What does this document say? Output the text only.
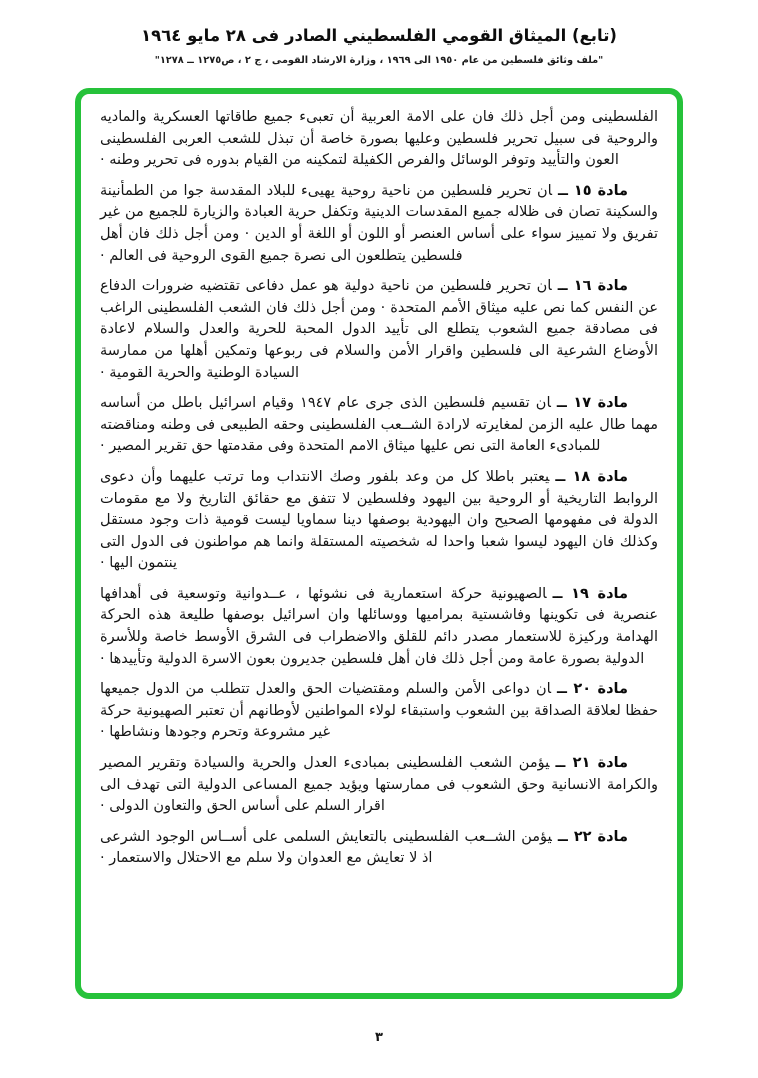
(تابع) الميثاق القومي الفلسطيني الصادر فى ٢٨ مايو ١٩٦٤
"ملف وثائق فلسطين من عام ١٩٥٠ الى ١٩٦٩ ، وزارة الارشاد القومى ، ج ٢ ، ص١٢٧٥ ــ ١٢٧٨"

الفلسطينى ومن أجل ذلك فان على الامة العربية أن تعبىء جميع طاقاتها العسكرية والماديه والروحية فى سبيل تحرير فلسطين وعليها بصورة خاصة أن تبذل للشعب العربى الفلسطينى العون والتأييد وتوفر الوسائل والفرص الكفيلة لتمكينه من القيام بدوره فى تحرير وطنه ·

مادة ١٥ ــان تحرير فلسطين من ناحية روحية يهيىء للبلاد المقدسة جوا من الطمأنينة والسكينة تصان فى ظلاله جميع المقدسات الدينية وتكفل حرية العبادة والزيارة للجميع من غير تفريق ولا تمييز سواء على أساس العنصر أو اللون أو اللغة أو الدين · ومن أجل ذلك فان أهل فلسطين يتطلعون الى نصرة جميع القوى الروحية فى العالم ·

مادة ١٦ ــان تحرير فلسطين من ناحية دولية هو عمل دفاعى تقتضيه ضرورات الدفاع عن النفس كما نص عليه ميثاق الأمم المتحدة · ومن أجل ذلك فان الشعب الفلسطينى الراغب فى مصادقة جميع الشعوب يتطلع الى تأييد الدول المحبة للحرية والعدل والسلام لاعادة الأوضاع الشرعية الى فلسطين واقرار الأمن والسلام فى ربوعها وتمكين أهلها من ممارسة السيادة الوطنية والحرية القومية ·

مادة ١٧ ــان تقسيم فلسطين الذى جرى عام ١٩٤٧ وقيام اسرائيل باطل من أساسه مهما طال عليه الزمن لمغايرته لارادة الشــعب الفلسطينى وحقه الطبيعى فى وطنه ومناقضته للمبادىء العامة التى نص عليها ميثاق الامم المتحدة وفى مقدمتها حق تقرير المصير ·

مادة ١٨ ــيعتبر باطلا كل من وعد بلفور وصك الانتداب وما ترتب عليهما وأن دعوى الروابط التاريخية أو الروحية بين اليهود وفلسطين لا تتفق مع حقائق التاريخ ولا مع مقومات الدولة فى مفهومها الصحيح وان اليهودية بوصفها دينا سماويا ليست قومية ذات وجود مستقل وكذلك فان اليهود ليسوا شعبا واحدا له شخصيته المستقلة وانما هم مواطنون فى الدول التى ينتمون اليها ·

مادة ١٩ ــالصهيونية حركة استعمارية فى نشوئها ، عــدوانية وتوسعية فى أهدافها عنصرية فى تكوينها وفاشستية بمراميها ووسائلها وان اسرائيل بوصفها طليعة هذه الحركة الهدامة وركيزة للاستعمار مصدر دائم للقلق والاضطراب فى الشرق الأوسط خاصة وللأسرة الدولية بصورة عامة ومن أجل ذلك فان أهل فلسطين جديرون بعون الاسرة الدولية وتأييدها ·

مادة ٢٠ ــان دواعى الأمن والسلم ومقتضيات الحق والعدل تتطلب من الدول جميعها حفظا لعلاقة الصداقة بين الشعوب واستبقاء لولاء المواطنين لأوطانهم أن تعتبر الصهيونية حركة غير مشروعة وتحرم وجودها ونشاطها ·

مادة ٢١ ــيؤمن الشعب الفلسطينى بمبادىء العدل والحرية والسيادة وتقرير المصير والكرامة الانسانية وحق الشعوب فى ممارستها ويؤيد جميع المساعى الدولية التى تهدف الى اقرار السلم على أساس الحق والتعاون الدولى ·

مادة ٢٢ ــيؤمن الشــعب الفلسطينى بالتعايش السلمى على أســاس الوجود الشرعى اذ لا تعايش مع العدوان ولا سلم مع الاحتلال والاستعمار ·

٣
